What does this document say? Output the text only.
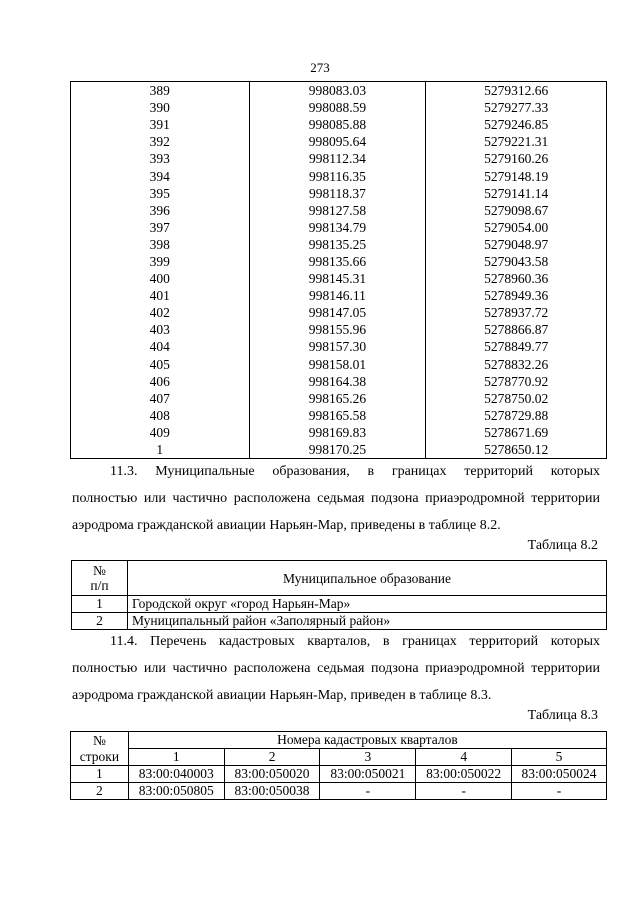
273
389	998083.03	5279312.66
390	998088.59	5279277.33
391	998085.88	5279246.85
392	998095.64	5279221.31
393	998112.34	5279160.26
394	998116.35	5279148.19
395	998118.37	5279141.14
396	998127.58	5279098.67
397	998134.79	5279054.00
398	998135.25	5279048.97
399	998135.66	5279043.58
400	998145.31	5278960.36
401	998146.11	5278949.36
402	998147.05	5278937.72
403	998155.96	5278866.87
404	998157.30	5278849.77
405	998158.01	5278832.26
406	998164.38	5278770.92
407	998165.26	5278750.02
408	998165.58	5278729.88
409	998169.83	5278671.69
1	998170.25	5278650.12
11.3. Муниципальные образования, в границах территорий которых
полностью или частично расположена седьмая подзона приаэродромной территории
аэродрома гражданской авиации Нарьян-Мар, приведены в таблице 8.2.
Таблица 8.2
№
п/п	Муниципальное образование
1	Городской округ «город Нарьян-Мар»
2	Муниципальный район «Заполярный район»
11.4. Перечень кадастровых кварталов, в границах территорий которых
полностью или частично расположена седьмая подзона приаэродромной территории
аэродрома гражданской авиации Нарьян-Мар, приведен в таблице 8.3.
Таблица 8.3
№
строки	Номера кадастровых кварталов				
	1	2	3	4	5
1	83:00:040003	83:00:050020	83:00:050021	83:00:050022	83:00:050024
2	83:00:050805	83:00:050038	-	-	-
